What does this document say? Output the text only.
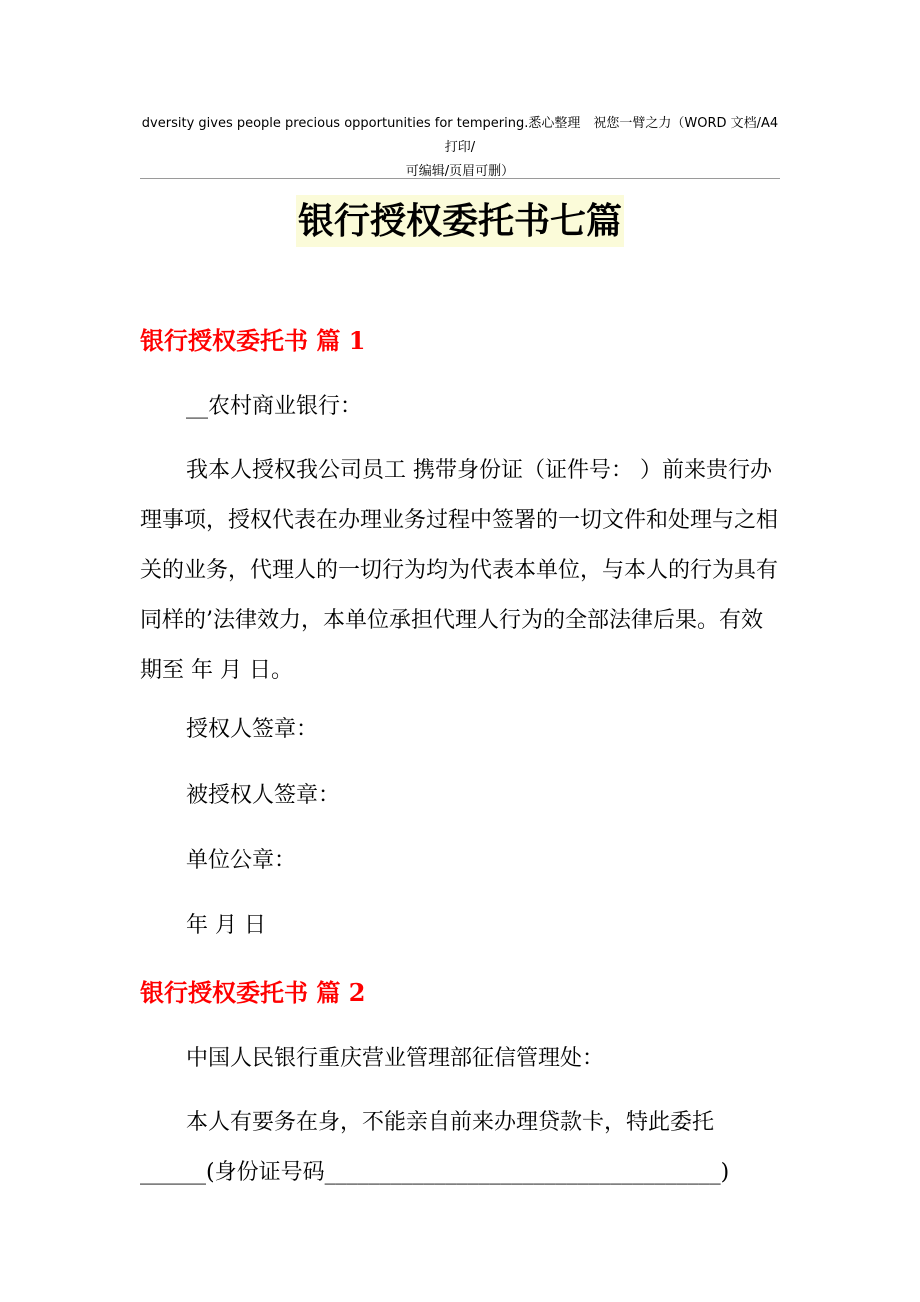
dversity gives people precious opportunities for tempering.悉心整理　祝您一臂之力（WORD 文档/A4 打印/
可编辑/页眉可删）
银行授权委托书七篇
银行授权委托书 篇 1
__农村商业银行：
我本人授权我公司员工 携带身份证（证件号： ）前来贵行办理事项，授权代表在办理业务过程中签署的一切文件和处理与之相关的业务，代理人的一切行为均为代表本单位，与本人的行为具有同样的’法律效力，本单位承担代理人行为的全部法律后果。有效期至 年 月 日。
授权人签章：
被授权人签章：
单位公章：
年 月 日
银行授权委托书 篇 2
中国人民银行重庆营业管理部征信管理处：
本人有要务在身，不能亲自前来办理贷款卡，特此委托______(身份证号码____________________________________)
